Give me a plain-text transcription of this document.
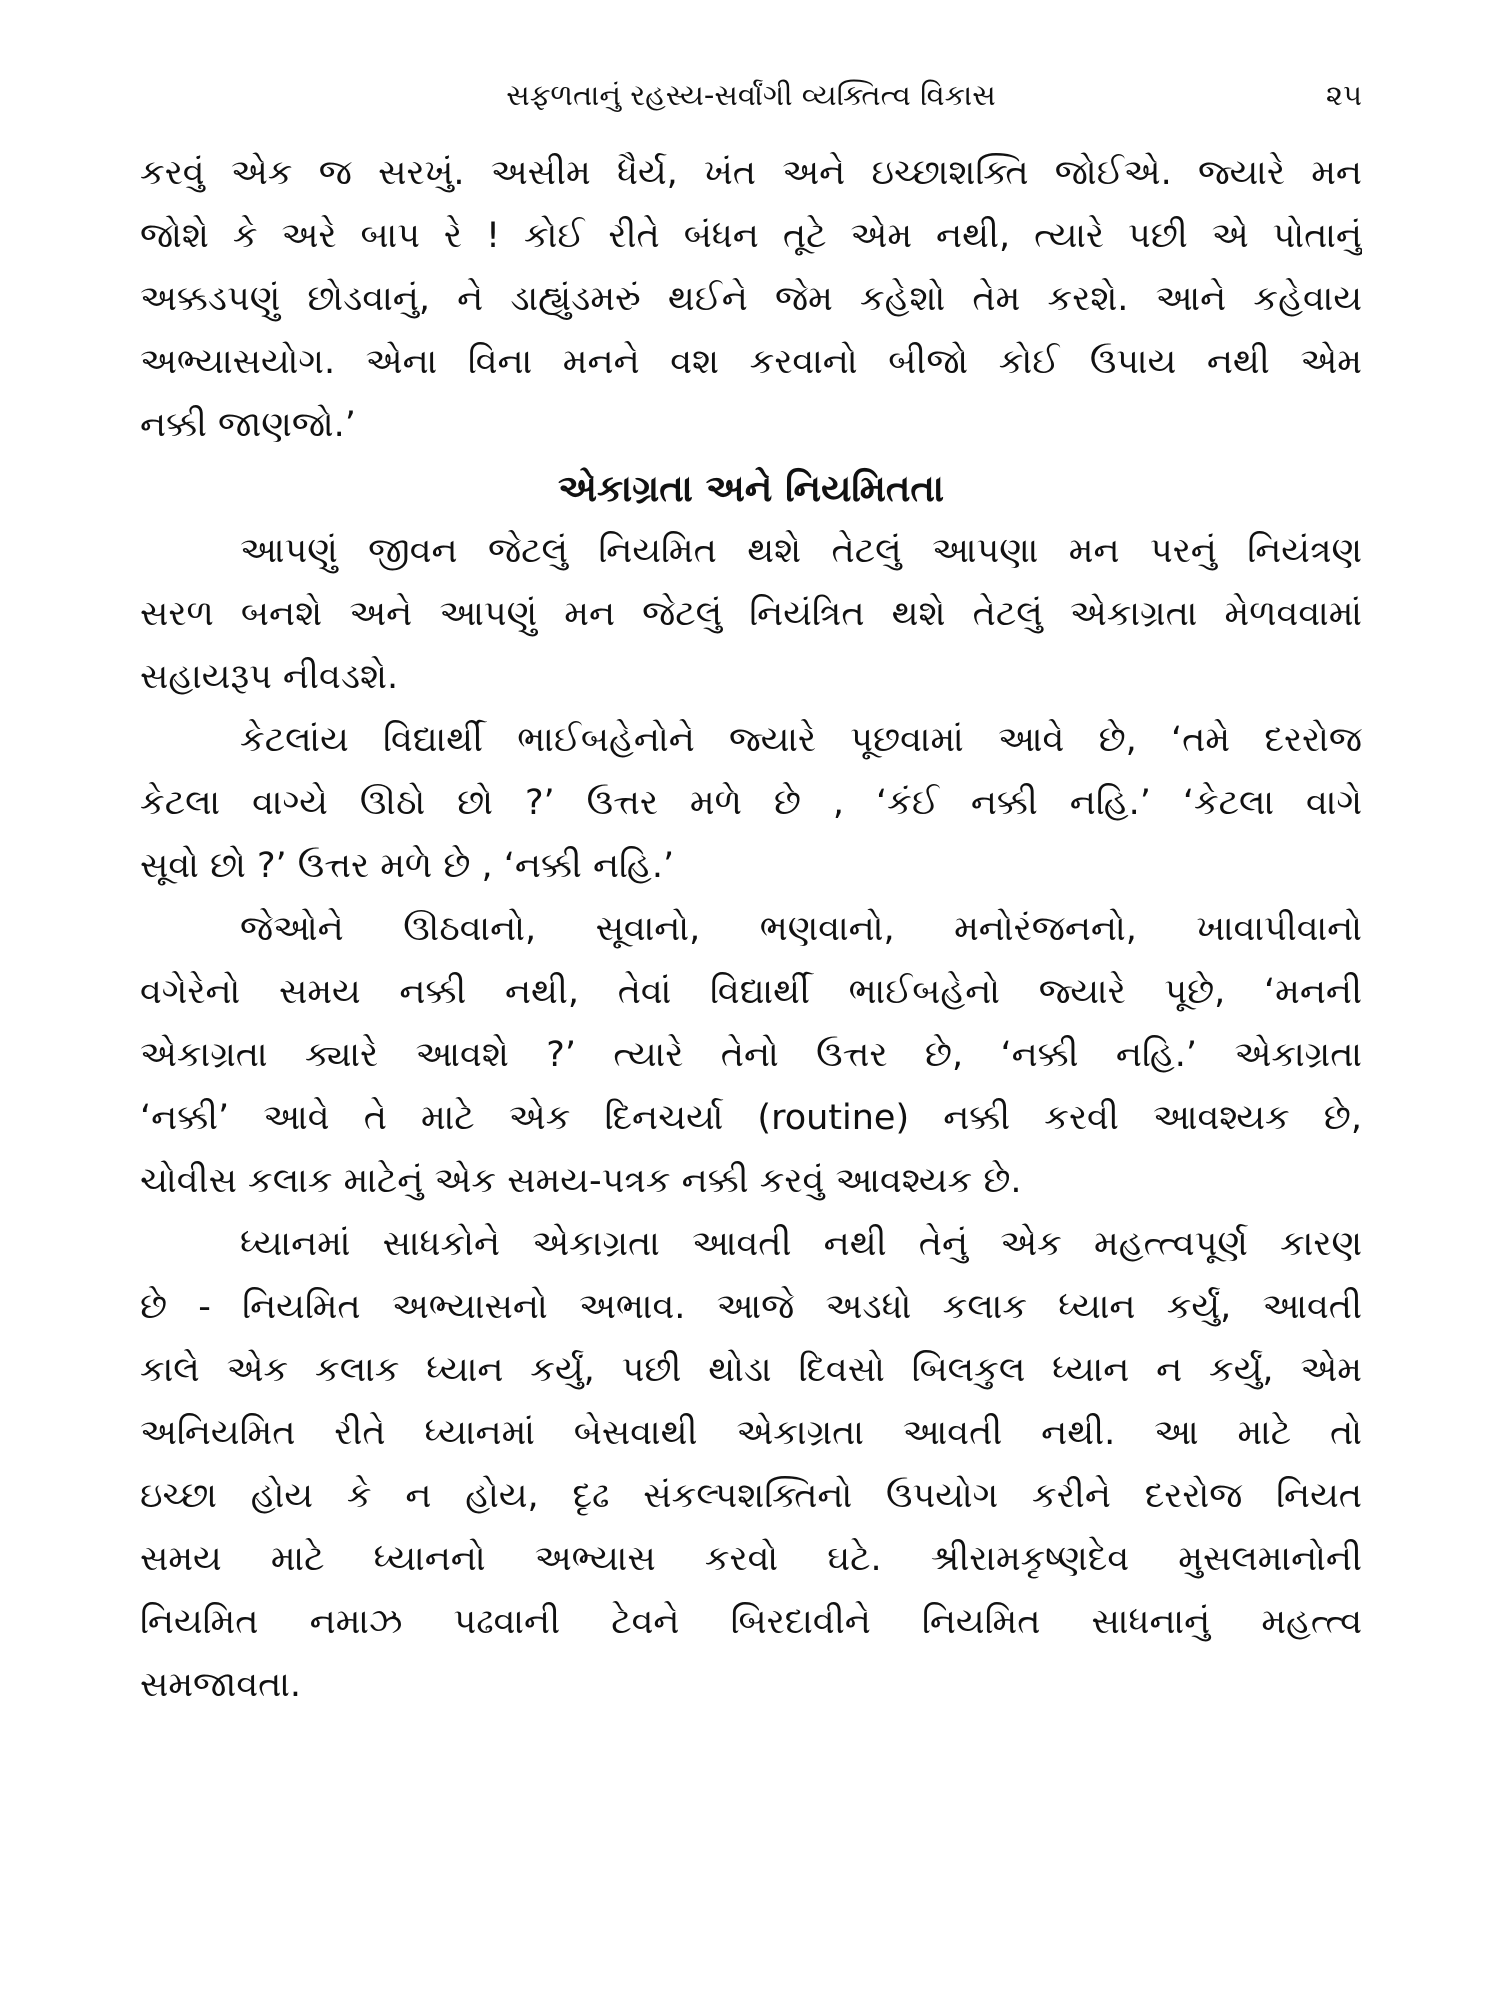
સફળતાનું રહસ્ય-સર્વાંગી વ્યક્તિત્વ વિકાસ	૨૫
કરવું એક જ સરખું. અસીમ ધૈર્ય, ખંત અને ઇચ્છાશક્તિ જોઈએ. જ્યારે મન
જોશે કે અરે બાપ રે ! કોઈ રીતે બંધન તૂટે એમ નથી, ત્યારે પછી એ પોતાનું
અક્કડપણું છોડવાનું, ને ડાહ્યુંડમરું થઈને જેમ કહેશો તેમ કરશે. આને કહેવાય
અભ્યાસયોગ. એના વિના મનને વશ કરવાનો બીજો કોઈ ઉપાય નથી એમ
નક્કી જાણજો.’
એકાગ્રતા અને નિયમિતતા
આપણું જીવન જેટલું નિયમિત થશે તેટલું આપણા મન પરનું નિયંત્રણ
સરળ બનશે અને આપણું મન જેટલું નિયંત્રિત થશે તેટલું એકાગ્રતા મેળવવામાં
સહાયરૂપ નીવડશે.
કેટલાંય વિદ્યાર્થી ભાઈબહેનોને જ્યારે પૂછવામાં આવે છે, ‘તમે દરરોજ
કેટલા વાગ્યે ઊઠો છો ?’ ઉત્તર મળે છે , ‘કંઈ નક્કી નહિ.’ ‘કેટલા વાગે
સૂવો છો ?’ ઉત્તર મળે છે , ‘નક્કી નહિ.’
જેઓને ઊઠવાનો, સૂવાનો, ભણવાનો, મનોરંજનનો, ખાવાપીવાનો
વગેરેનો સમય નક્કી નથી, તેવાં વિદ્યાર્થી ભાઈબહેનો જ્યારે પૂછે, ‘મનની
એકાગ્રતા ક્યારે આવશે ?’ ત્યારે તેનો ઉત્તર છે, ‘નક્કી નહિ.’ એકાગ્રતા
‘નક્કી’ આવે તે માટે એક દિનચર્યા (routine) નક્કી કરવી આવશ્યક છે,
ચોવીસ કલાક માટેનું એક સમય-પત્રક નક્કી કરવું આવશ્યક છે.
ધ્યાનમાં સાધકોને એકાગ્રતા આવતી નથી તેનું એક મહત્ત્વપૂર્ણ કારણ
છે - નિયમિત અભ્યાસનો અભાવ. આજે અડધો કલાક ધ્યાન કર્યું, આવતી
કાલે એક કલાક ધ્યાન કર્યું, પછી થોડા દિવસો બિલકુલ ધ્યાન ન કર્યું, એમ
અનિયમિત રીતે ધ્યાનમાં બેસવાથી એકાગ્રતા આવતી નથી. આ માટે તો
ઇચ્છા હોય કે ન હોય, દૃઢ સંકલ્પશક્તિનો ઉપયોગ કરીને દરરોજ નિયત
સમય માટે ધ્યાનનો અભ્યાસ કરવો ઘટે. શ્રીરામકૃષ્ણદેવ મુસલમાનોની
નિયમિત નમાઝ પઢવાની ટેવને બિરદાવીને નિયમિત સાધનાનું મહત્ત્વ
સમજાવતા.
